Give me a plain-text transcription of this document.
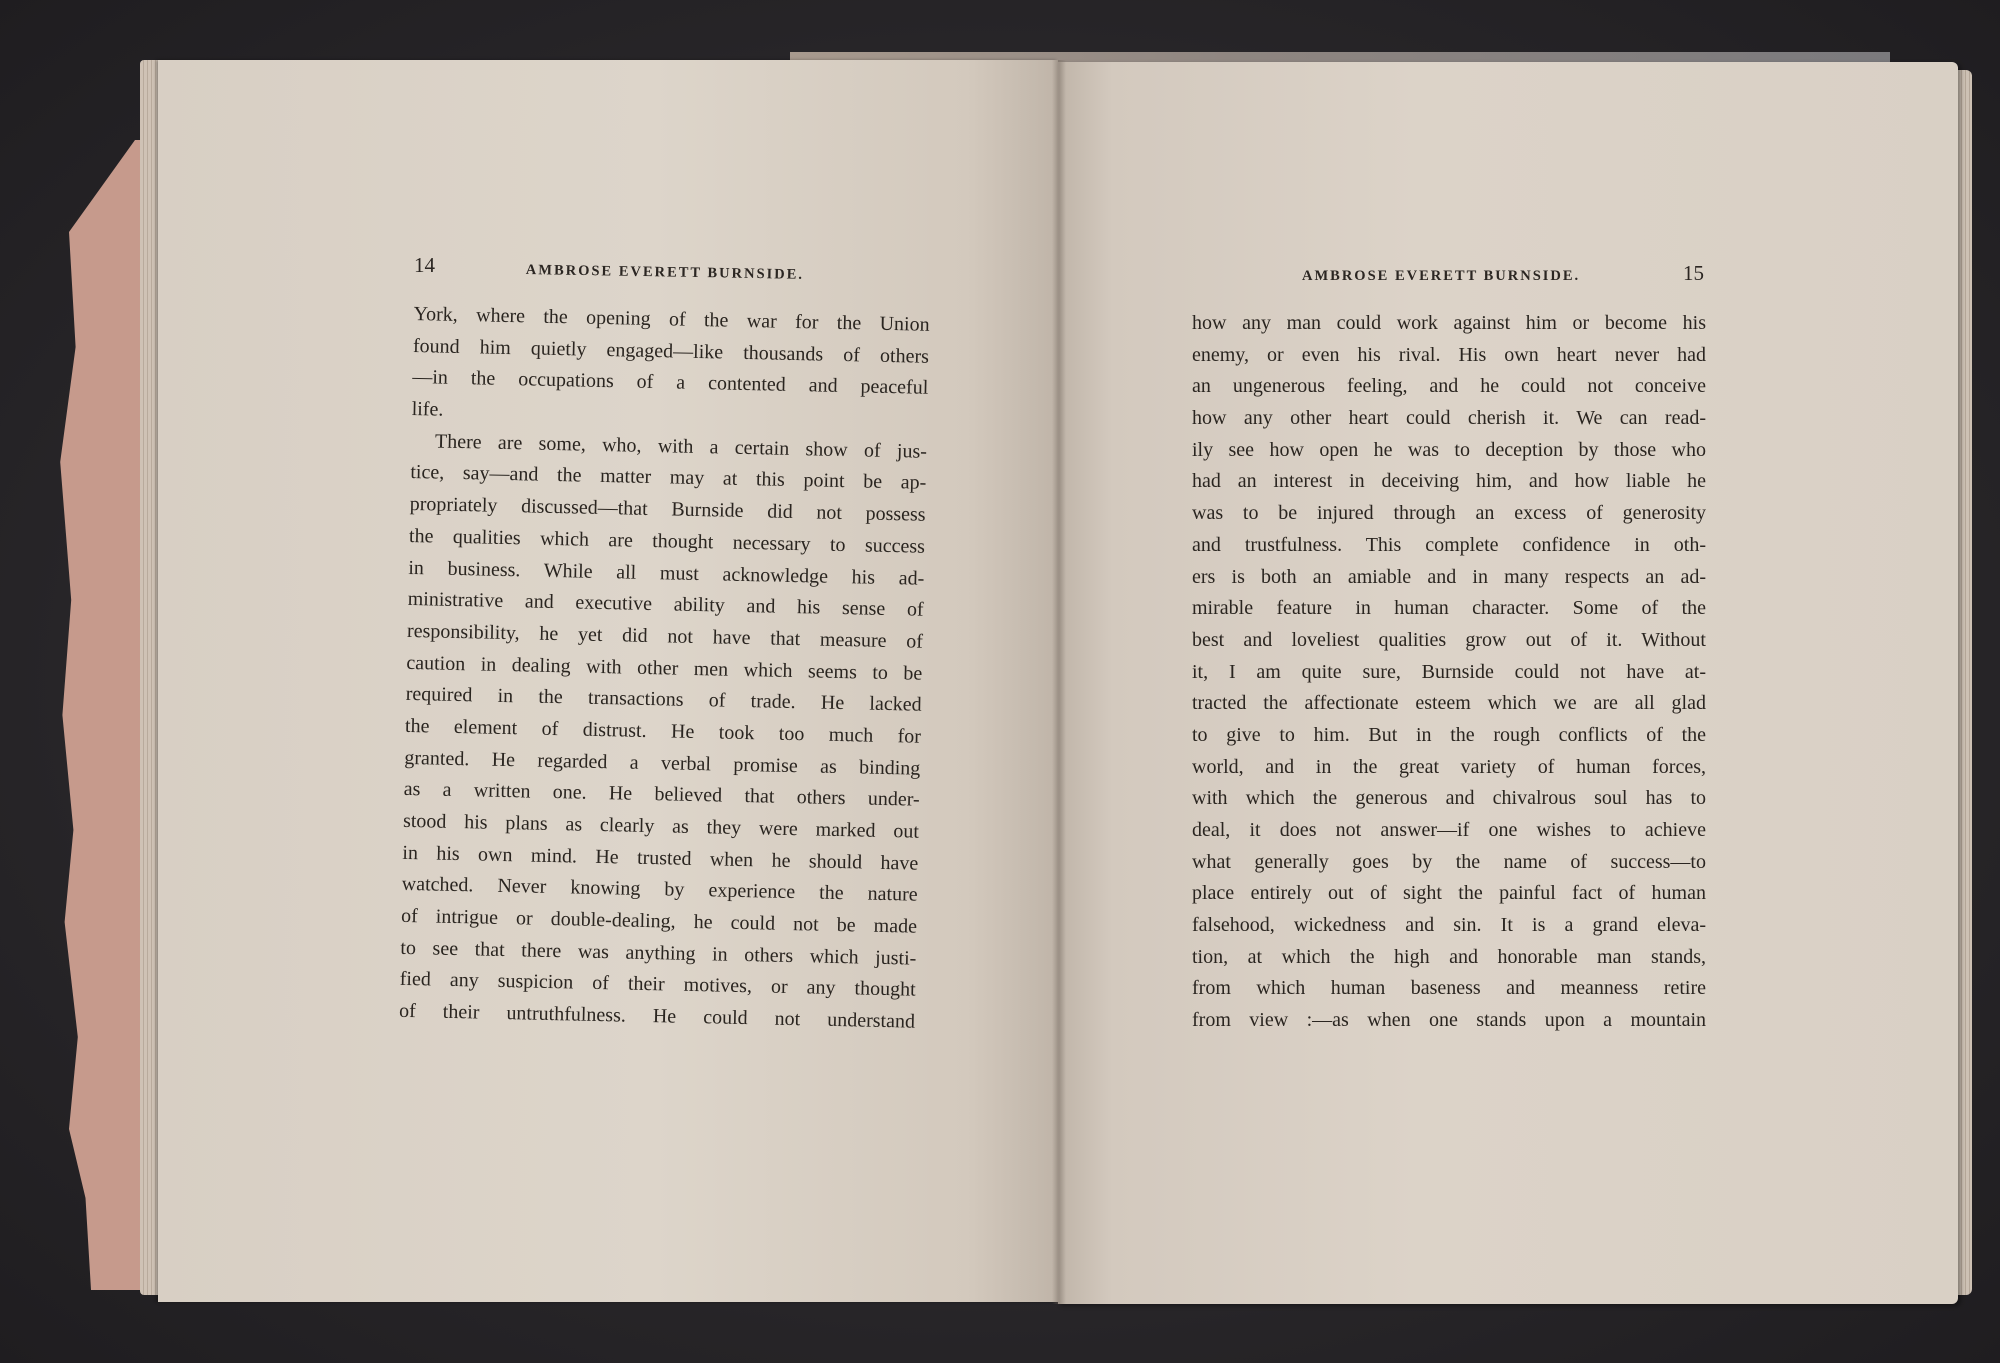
14	AMBROSE EVERETT BURNSIDE.	AMBROSE EVERETT BURNSIDE.	15
York, where the opening of the war for the Union
found him quietly engaged—like thousands of others
—in the occupations of a contented and peaceful
life.
There are some, who, with a certain show of jus-
tice, say—and the matter may at this point be ap-
propriately discussed—that Burnside did not possess
the qualities which are thought necessary to success
in business. While all must acknowledge his ad-
ministrative and executive ability and his sense of
responsibility, he yet did not have that measure of
caution in dealing with other men which seems to be
required in the transactions of trade. He lacked
the element of distrust. He took too much for
granted. He regarded a verbal promise as binding
as a written one. He believed that others under-
stood his plans as clearly as they were marked out
in his own mind. He trusted when he should have
watched. Never knowing by experience the nature
of intrigue or double-dealing, he could not be made
to see that there was anything in others which justi-
fied any suspicion of their motives, or any thought
of their untruthfulness. He could not understand
how any man could work against him or become his
enemy, or even his rival. His own heart never had
an ungenerous feeling, and he could not conceive
how any other heart could cherish it. We can read-
ily see how open he was to deception by those who
had an interest in deceiving him, and how liable he
was to be injured through an excess of generosity
and trustfulness. This complete confidence in oth-
ers is both an amiable and in many respects an ad-
mirable feature in human character. Some of the
best and loveliest qualities grow out of it. Without
it, I am quite sure, Burnside could not have at-
tracted the affectionate esteem which we are all glad
to give to him. But in the rough conflicts of the
world, and in the great variety of human forces,
with which the generous and chivalrous soul has to
deal, it does not answer—if one wishes to achieve
what generally goes by the name of success—to
place entirely out of sight the painful fact of human
falsehood, wickedness and sin. It is a grand eleva-
tion, at which the high and honorable man stands,
from which human baseness and meanness retire
from view :—as when one stands upon a mountain
